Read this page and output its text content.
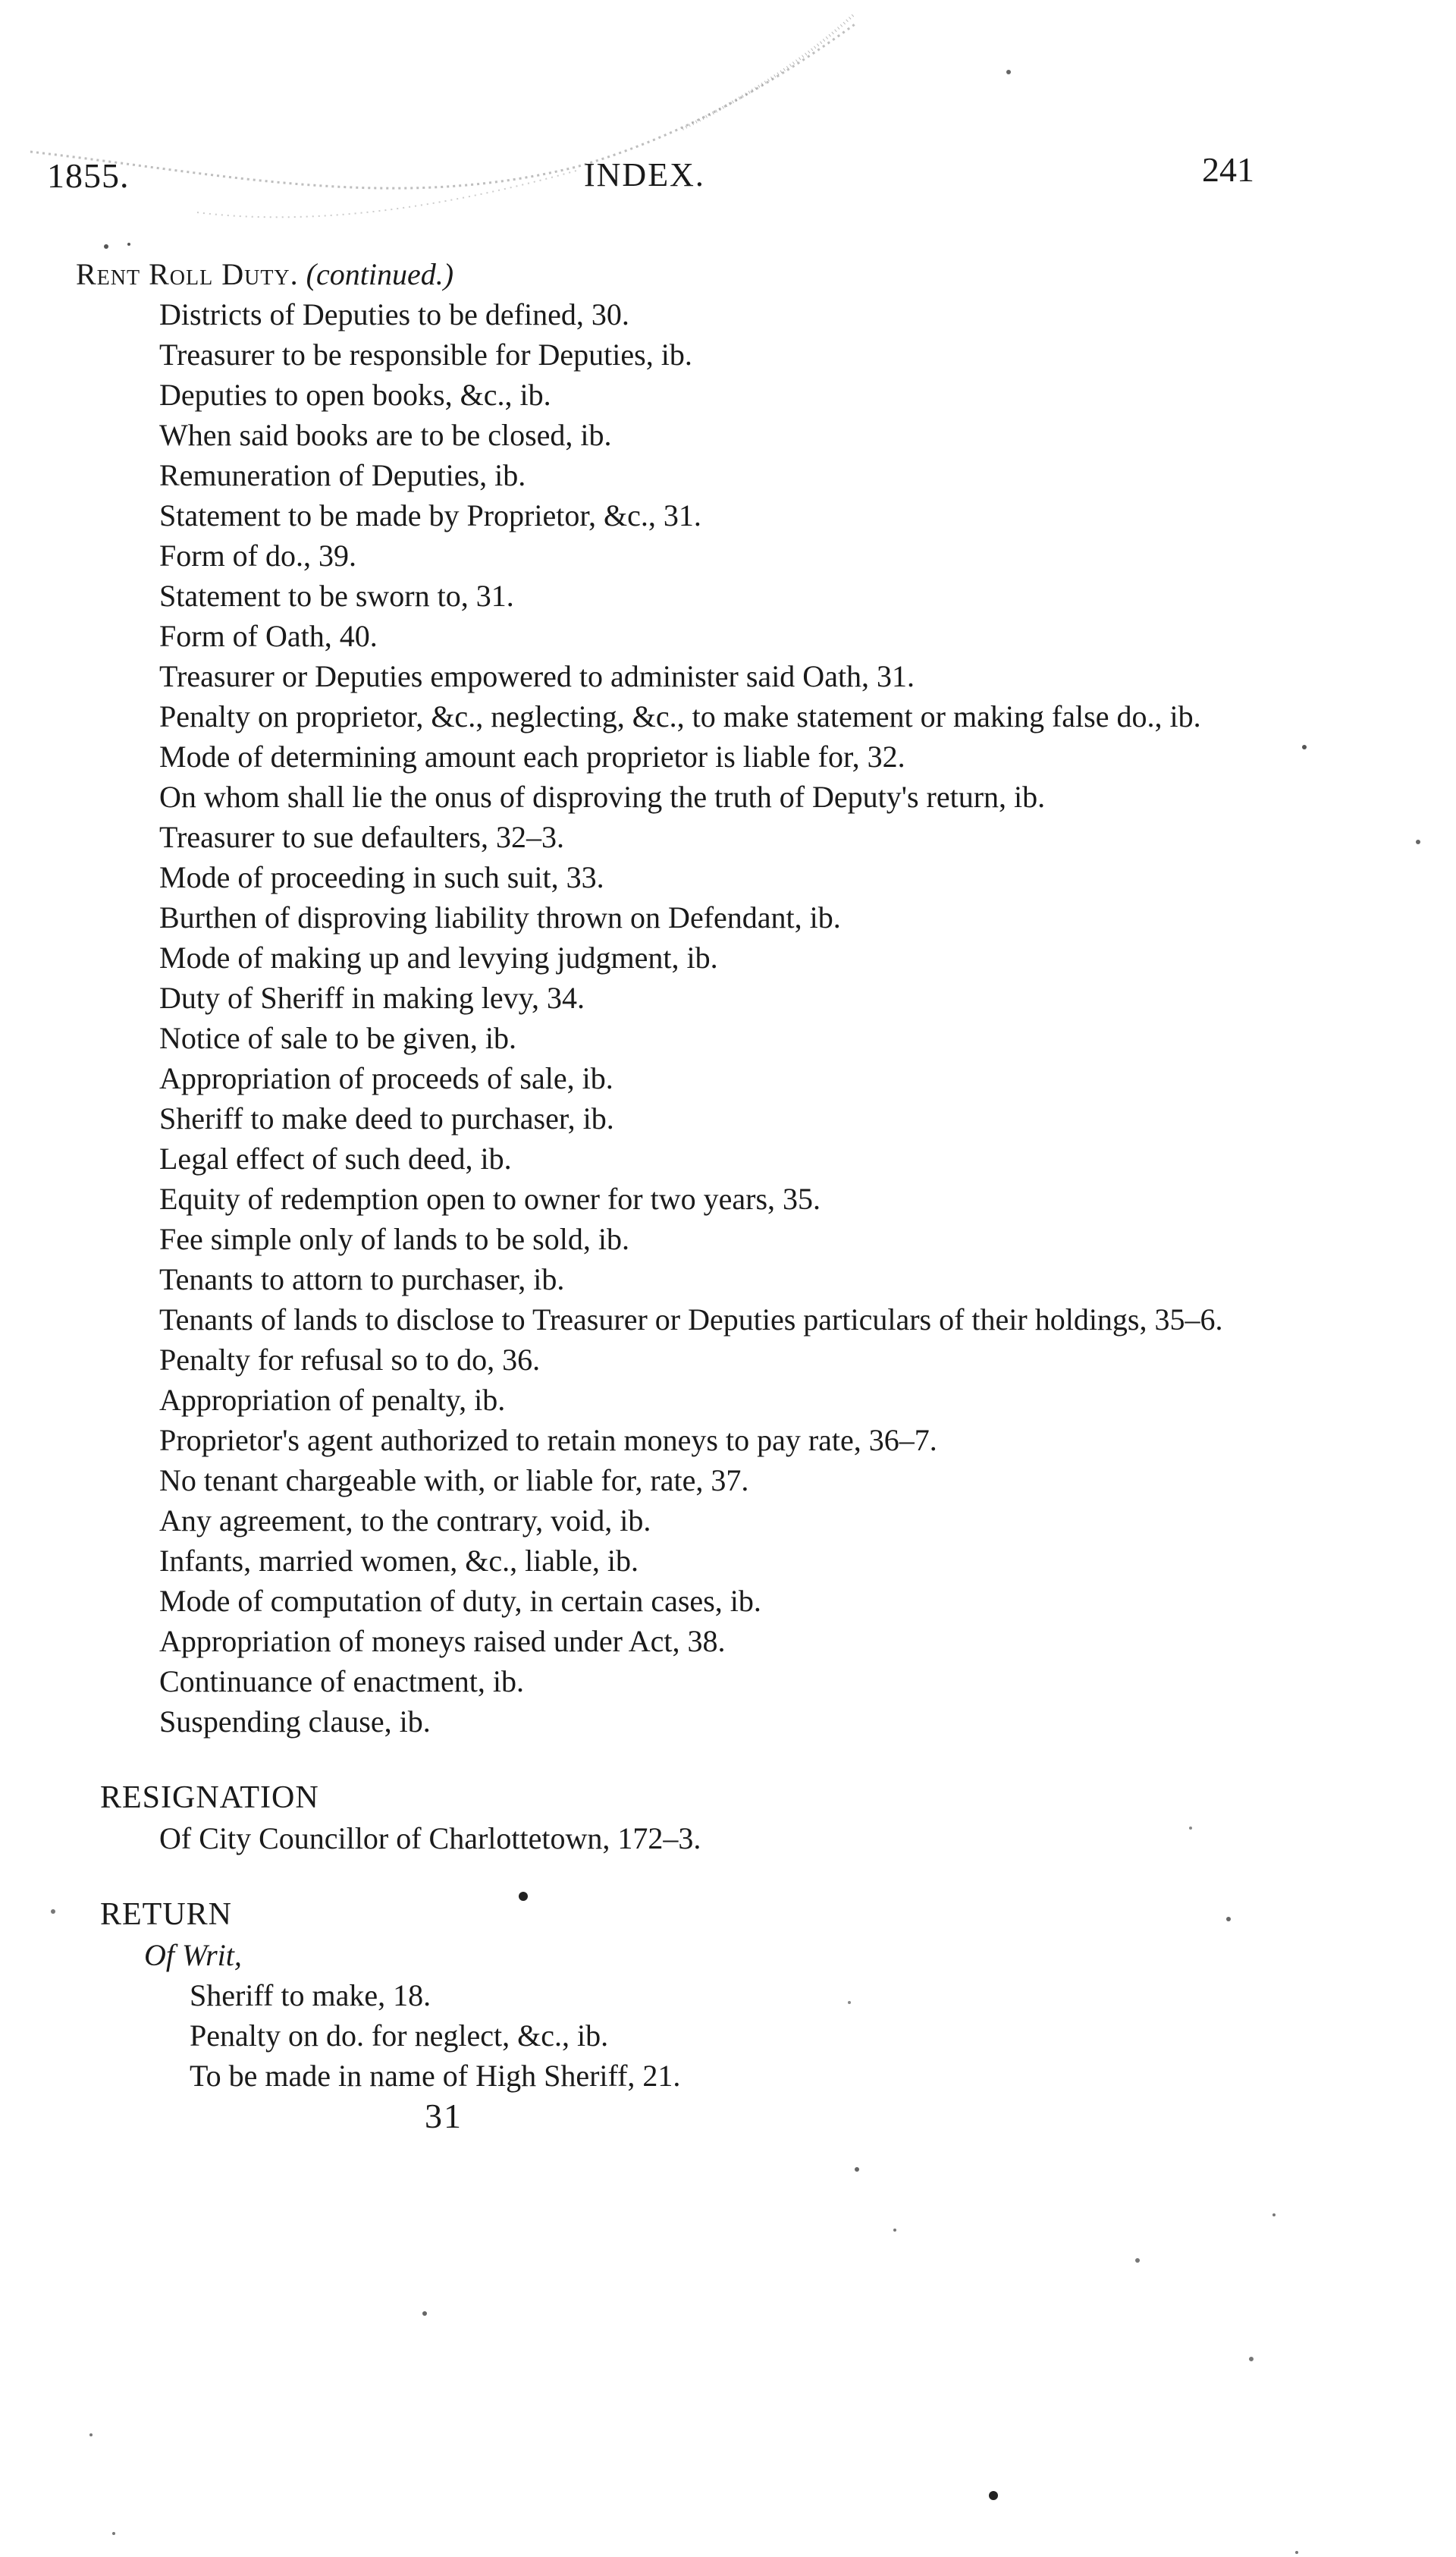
1855.	INDEX.	241
Rent Roll Duty. (continued.)
Districts of Deputies to be defined, 30.
Treasurer to be responsible for Deputies, ib.
Deputies to open books, &c., ib.
When said books are to be closed, ib.
Remuneration of Deputies, ib.
Statement to be made by Proprietor, &c., 31.
Form of do., 39.
Statement to be sworn to, 31.
Form of Oath, 40.
Treasurer or Deputies empowered to administer said Oath, 31.
Penalty on proprietor, &c., neglecting, &c., to make statement or making false do., ib.
Mode of determining amount each proprietor is liable for, 32.
On whom shall lie the onus of disproving the truth of Deputy's return, ib.
Treasurer to sue defaulters, 32–3.
Mode of proceeding in such suit, 33.
Burthen of disproving liability thrown on Defendant, ib.
Mode of making up and levying judgment, ib.
Duty of Sheriff in making levy, 34.
Notice of sale to be given, ib.
Appropriation of proceeds of sale, ib.
Sheriff to make deed to purchaser, ib.
Legal effect of such deed, ib.
Equity of redemption open to owner for two years, 35.
Fee simple only of lands to be sold, ib.
Tenants to attorn to purchaser, ib.
Tenants of lands to disclose to Treasurer or Deputies particulars of their holdings, 35–6.
Penalty for refusal so to do, 36.
Appropriation of penalty, ib.
Proprietor's agent authorized to retain moneys to pay rate, 36–7.
No tenant chargeable with, or liable for, rate, 37.
Any agreement, to the contrary, void, ib.
Infants, married women, &c., liable, ib.
Mode of computation of duty, in certain cases, ib.
Appropriation of moneys raised under Act, 38.
Continuance of enactment, ib.
Suspending clause, ib.
RESIGNATION
Of City Councillor of Charlottetown, 172–3.
RETURN
Of Writ,
Sheriff to make, 18.
Penalty on do. for neglect, &c., ib.
To be made in name of High Sheriff, 21.
31
